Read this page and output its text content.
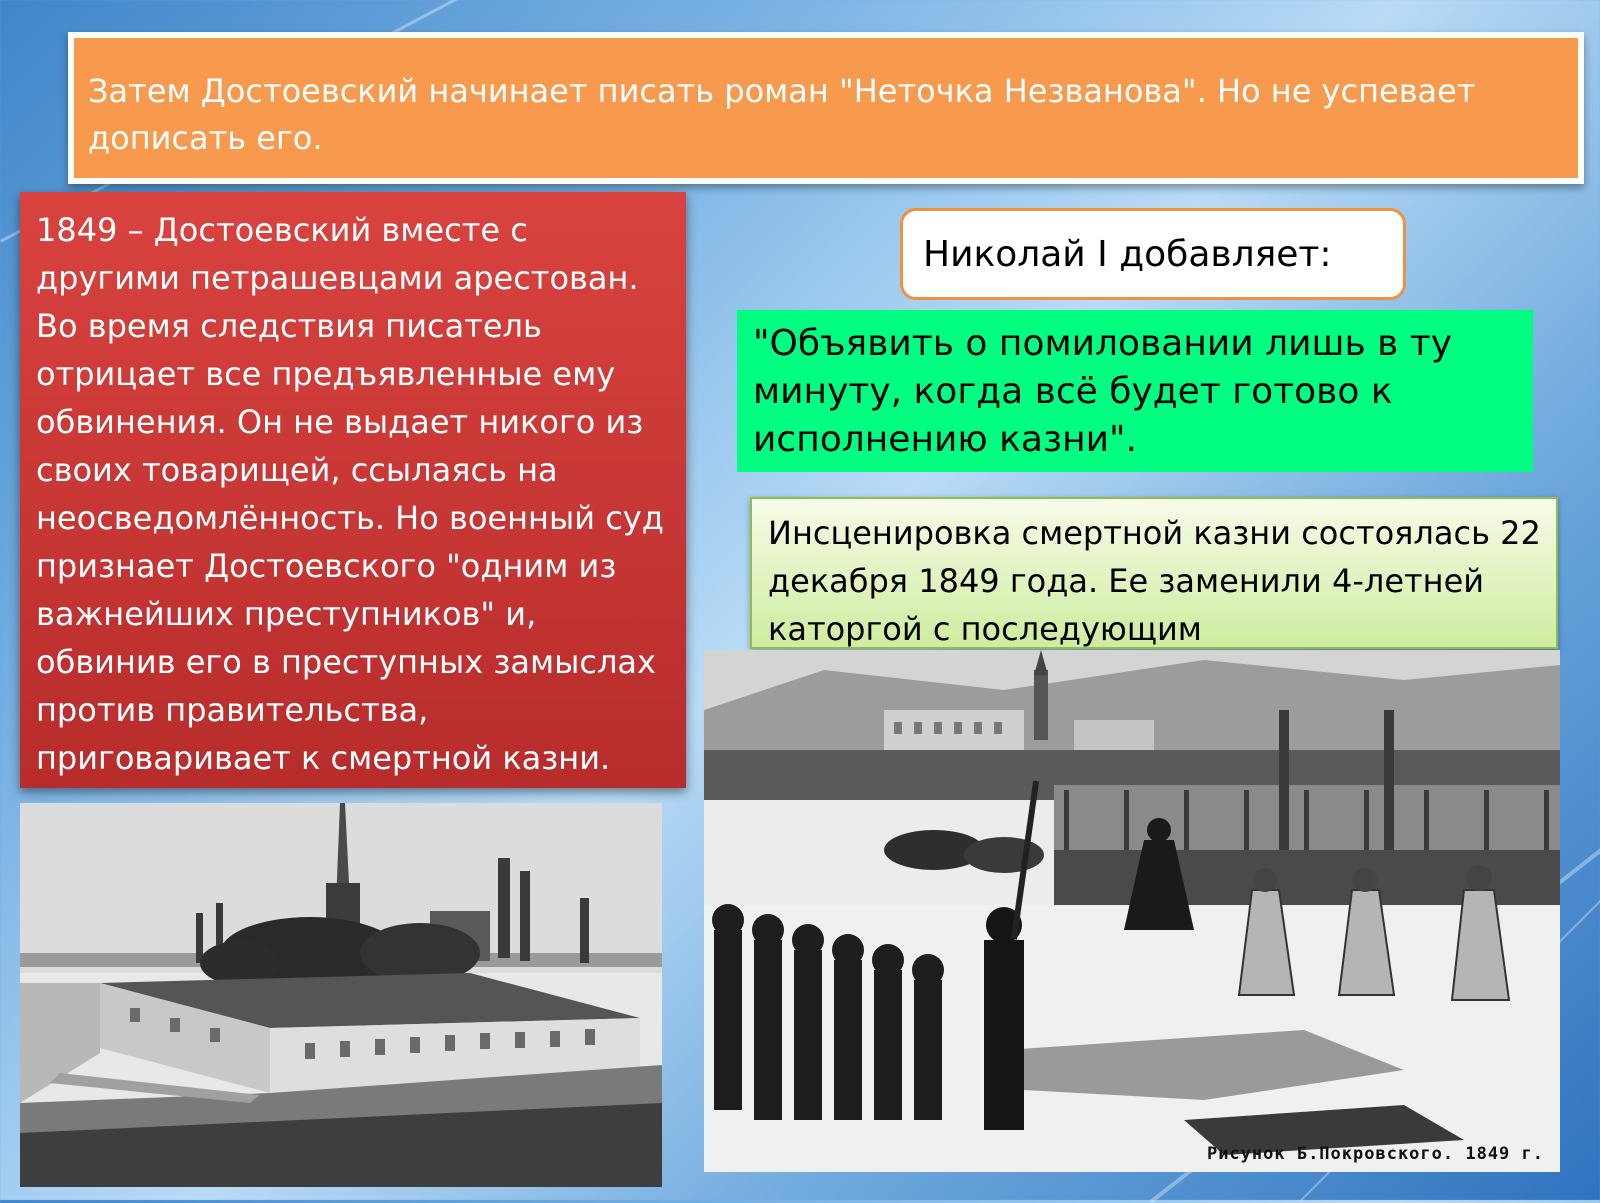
Затем Достоевский начинает писать роман "Неточка Незванова". Но не успевает дописать его.
1849 – Достоевский вместе с другими петрашевцами арестован. Во время следствия писатель отрицает все предъявленные ему обвинения. Он не выдает никого из своих товарищей, ссылаясь на неосведомлённость. Но военный суд признает Достоевского "одним из важнейших преступников" и, обвинив его в преступных замыслах против правительства, приговаривает к смертной казни.
Николай I добавляет:
"Объявить о помиловании лишь в ту минуту, когда всё будет готово к исполнению казни".
Инсценировка смертной казни состоялась 22 декабря 1849 года. Ее заменили 4-летней каторгой с последующим
Рисунок Б.Покровского. 1849 г.
